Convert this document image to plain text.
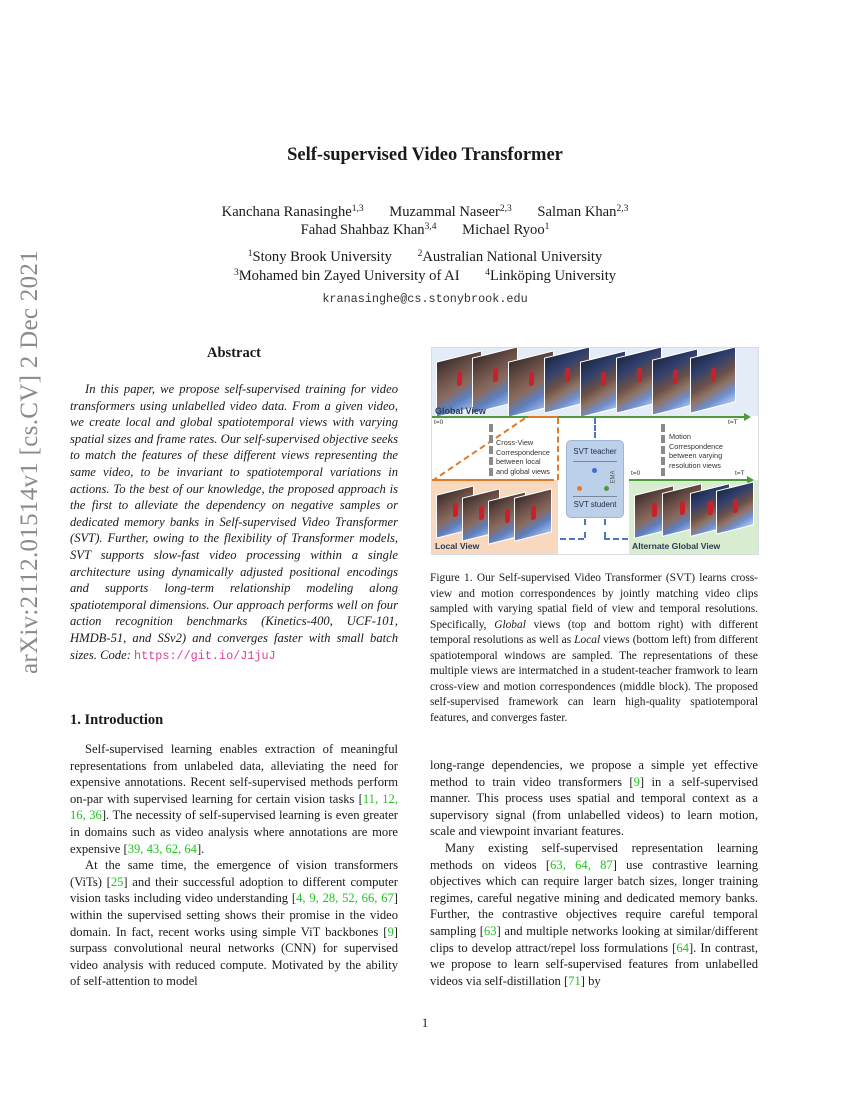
arXiv:2112.01514v1 [cs.CV] 2 Dec 2021
Self-supervised Video Transformer
Kanchana Ranasinghe$^{1,3}$ Muzammal Naseer$^{2,3}$ Salman Khan$^{2,3}$
Fahad Shahbaz Khan$^{3,4}$ Michael Ryoo$^1$
$^1$Stony Brook University	$^2$Australian National University
$^3$Mohamed bin Zayed University of AI	$^4$Linköping University
kranasinghe@cs.stonybrook.edu
Abstract

In this paper, we propose self-supervised training for video transformers using unlabelled video data. From a given video, we create local and global spatiotemporal views with varying spatial sizes and frame rates. Our self-supervised objective seeks to match the features of these different views representing the same video, to be invariant to spatiotemporal variations in actions. To the best of our knowledge, the proposed approach is the first to alleviate the dependency on negative samples or dedicated memory banks in Self-supervised Video Transformer (SVT). Further, owing to the flexibility of Transformer models, SVT supports slow-fast video processing within a single architecture using dynamically adjusted positional encodings and supports long-term relationship modeling along spatiotemporal dimensions. Our approach performs well on four action recognition benchmarks (Kinetics-400, UCF-101, HMDB-51, and SSv2) and converges faster with small batch sizes. Code: https://git.io/J1juJ

1. Introduction

Self-supervised learning enables extraction of meaningful representations from unlabeled data, alleviating the need for expensive annotations. Recent self-supervised methods perform on-par with supervised learning for certain vision tasks [11, 12, 16, 36]. The necessity of self-supervised learning is even greater in domains such as video analysis where annotations are more expensive [39, 43, 62, 64].

At the same time, the emergence of vision transformers (ViTs) [25] and their successful adoption to different computer vision tasks including video understanding [4, 9, 28, 52, 66, 67] within the supervised setting shows their promise in the video domain. In fact, recent works using simple ViT backbones [9] surpass convolutional neural networks (CNN) for supervised video analysis with reduced compute. Motivated by the ability of self-attention to model

Global View
t=0	t=T
Cross-View
Correspondence
between local
and global views
Motion
Correspondence
between varying
resolution views
SVT teacher
EMA
SVT student
Local View
t=0	t=T
Alternate Global View
Figure 1. Our Self-supervised Video Transformer (SVT) learns cross-view and motion correspondences by jointly matching video clips sampled with varying spatial field of view and temporal resolutions. Specifically, Global views (top and bottom right) with different temporal resolutions as well as Local views (bottom left) from different spatiotemporal windows are sampled. The representations of these multiple views are intermatched in a student-teacher framwork to learn cross-view and motion correspondences (middle block). The proposed self-supervised framework can learn high-quality spatiotemporal features, and converges faster.

long-range dependencies, we propose a simple yet effective method to train video transformers [9] in a self-supervised manner. This process uses spatial and temporal context as a supervisory signal (from unlabelled videos) to learn motion, scale and viewpoint invariant features.

Many existing self-supervised representation learning methods on videos [63, 64, 87] use contrastive learning objectives which can require larger batch sizes, longer training regimes, careful negative mining and dedicated memory banks. Further, the contrastive objectives require careful temporal sampling [63] and multiple networks looking at similar/different clips to develop attract/repel loss formulations [64]. In contrast, we propose to learn self-supervised features from unlabelled videos via self-distillation [71] by

1
